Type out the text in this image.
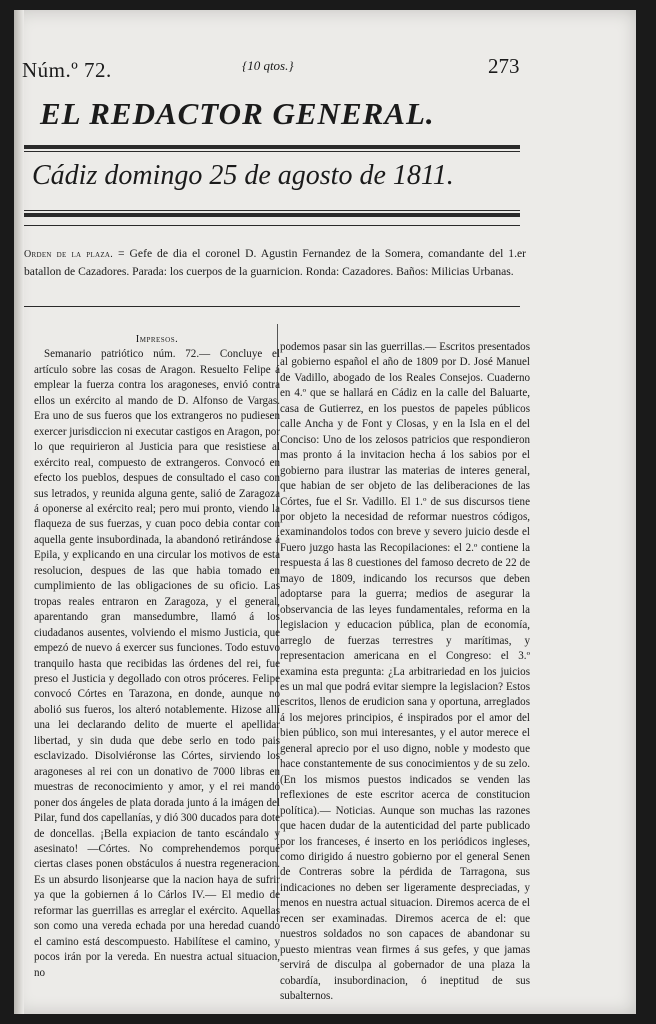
Núm.º 72.	{10 qtos.}	273
EL REDACTOR GENERAL.
Cádiz domingo 25 de agosto de 1811.
Orden de la plaza. = Gefe de dia el coronel D. Agustin Fernandez de la Somera, comandante del 1.er batallon de Cazadores. Parada: los cuerpos de la guarnicion. Ronda: Cazadores. Baños: Milicias Urbanas.
Impresos.

Semanario patriótico núm. 72.— Concluye el artículo sobre las cosas de Aragon. Resuelto Felipe á emplear la fuerza contra los aragoneses, envió contra ellos un exército al mando de D. Alfonso de Vargas. Era uno de sus fueros que los extrangeros no pudiesen exercer jurisdiccion ni executar castigos en Aragon, por lo que requirieron al Justicia para que resistiese al exército real, compuesto de extrangeros. Convocó en efecto los pueblos, despues de consultado el caso con sus letrados, y reunida alguna gente, salió de Zaragoza á oponerse al exército real; pero mui pronto, viendo la flaqueza de sus fuerzas, y cuan poco debia contar con aquella gente insubordinada, la abandonó retirándose á Epila, y explicando en una circular los motivos de esta resolucion, despues de las que habia tomado en cumplimiento de las obligaciones de su oficio. Las tropas reales entraron en Zaragoza, y el general, aparentando gran mansedumbre, llamó á los ciudadanos ausentes, volviendo el mismo Justicia, que empezó de nuevo á exercer sus funciones. Todo estuvo tranquilo hasta que recibidas las órdenes del rei, fue preso el Justicia y degollado con otros próceres. Felipe convocó Córtes en Tarazona, en donde, aunque no abolió sus fueros, los alteró notablemente. Hizose allí una lei declarando delito de muerte el apellidar libertad, y sin duda que debe serlo en todo pais esclavizado. Disolviéronse las Córtes, sirviendo los aragoneses al rei con un donativo de 7000 libras en muestras de reconocimiento y amor, y el rei mandó poner dos ángeles de plata dorada junto á la imágen del Pilar, fund dos capellanías, y dió 300 ducados para dote de doncellas. ¡Bella expiacion de tanto escándalo y asesinato! —Córtes. No comprehendemos porqué ciertas clases ponen obstáculos á nuestra regeneracion. Es un absurdo lisonjearse que la nacion haya de sufrir ya que la gobiernen á lo Cárlos IV.— El medio de reformar las guerrillas es arreglar el exército. Aquellas son como una vereda echada por una heredad cuando el camino está descompuesto. Habilítese el camino, y pocos irán por la vereda. En nuestra actual situacion, no

podemos pasar sin las guerrillas.— Escritos presentados al gobierno español el año de 1809 por D. José Manuel de Vadillo, abogado de los Reales Consejos. Cuaderno en 4.º que se hallará en Cádiz en la calle del Baluarte, casa de Gutierrez, en los puestos de papeles públicos calle Ancha y de Font y Closas, y en la Isla en el del Conciso: Uno de los zelosos patricios que respondieron mas pronto á la invitacion hecha á los sabios por el gobierno para ilustrar las materias de interes general, que habian de ser objeto de las deliberaciones de las Córtes, fue el Sr. Vadillo. El 1.º de sus discursos tiene por objeto la necesidad de reformar nuestros códigos, examinandolos todos con breve y severo juicio desde el Fuero juzgo hasta las Recopilaciones: el 2.º contiene la respuesta á las 8 cuestiones del famoso decreto de 22 de mayo de 1809, indicando los recursos que deben adoptarse para la guerra; medios de asegurar la observancia de las leyes fundamentales, reforma en la legislacion y educacion pública, plan de economía, arreglo de fuerzas terrestres y marítimas, y representacion americana en el Congreso: el 3.º examina esta pregunta: ¿La arbitrariedad en los juicios es un mal que podrá evitar siempre la legislacion? Estos escritos, llenos de erudicion sana y oportuna, arreglados á los mejores principios, é inspirados por el amor del bien público, son mui interesantes, y el autor merece el general aprecio por el uso digno, noble y modesto que hace constantemente de sus conocimientos y de su zelo. (En los mismos puestos indicados se venden las reflexiones de este escritor acerca de constitucion política).— Noticias. Aunque son muchas las razones que hacen dudar de la autenticidad del parte publicado por los franceses, é inserto en los periódicos ingleses, como dirigido á nuestro gobierno por el general Senen de Contreras sobre la pérdida de Tarragona, sus indicaciones no deben ser ligeramente despreciadas, y menos en nuestra actual situacion. Diremos acerca de el recen ser examinadas. Diremos acerca de el: que nuestros soldados no son capaces de abandonar su puesto mientras vean firmes á sus gefes, y que jamas servirá de disculpa al gobernador de una plaza la cobardía, insubordinacion, ó ineptitud de sus subalternos.
